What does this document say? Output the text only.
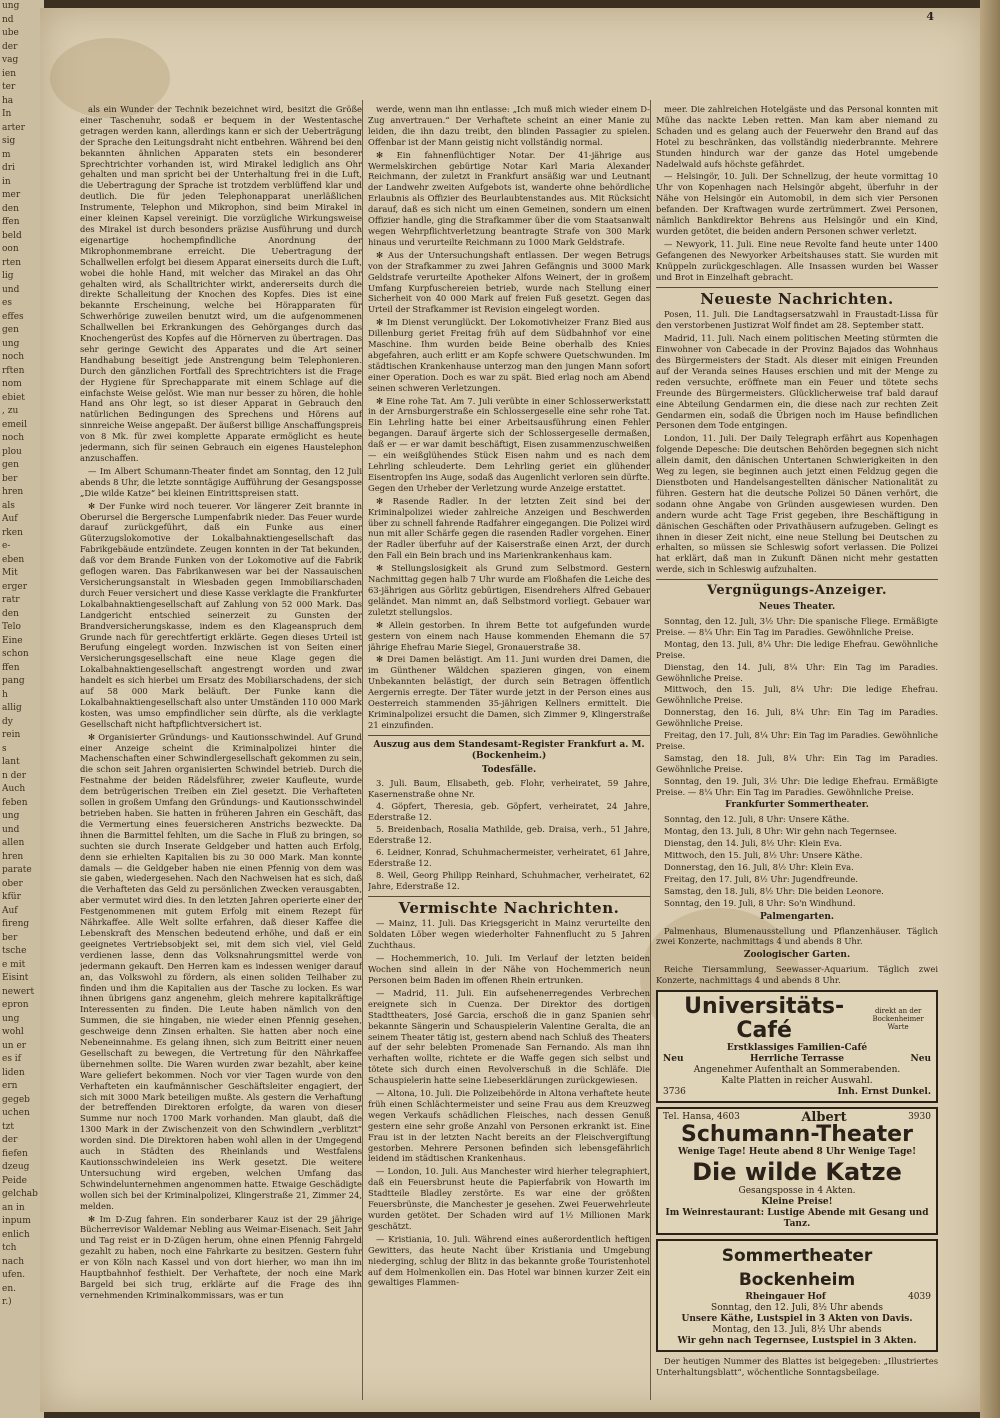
ung
nd
ube
der
vag
ien
ter
ha
In
arter
sig
m
dri
in
mer
den
ffen
beld
oon
rten
lig
und
es
effes
gen
ung
noch
rften
nom
ebiet
, zu
emeil
noch
plou
gen
ber
hren
als
Auf
rken
e-
eben
Mit
erger
ratr
den
Telo
Eine
schon
ffen
pang
h
allig
dy
rein
s
lant
n der
Auch
feben
ung
und
allen
hren
parate
ober
kfür
Auf
fireng
ber
tsche
e mit
Eisint
newert
epron
ung
wohl
un er
es if
liden
ern
gegeb
uchen
tzt
der
fiefen
dzeug
Peide
gelchab
an in
inpum
enlich
tch
nach
ufen.
en.
r.)
4
als ein Wunder der Technik bezeichnet wird, besitzt die Größe einer Taschenuhr, sodaß er bequem in der Westentasche getragen werden kann, allerdings kann er sich der Ueberträgung der Sprache den Leitungsdraht nicht entbehren. Während bei den bekannten ähnlichen Apparaten stets ein besonderer Sprechtrichter vorhanden ist, wird Mirakel lediglich ans Ohr gehalten und man spricht bei der Unterhaltung frei in die Luft, die Uebertragung der Sprache ist trotzdem verblüffend klar und deutlich. Die für jeden Telephonapparat unerläßlichen Instrumente, Telephon und Mikrophon, sind beim Mirakel in einer kleinen Kapsel vereinigt. Die vorzügliche Wirkungsweise des Mirakel ist durch besonders präzise Ausführung und durch eigenartige hochempfindliche Anordnung der Mikrophonmembrane erreicht. Die Uebertragung der Schallwellen erfolgt bei diesem Apparat einerseits durch die Luft, wobei die hohle Hand, mit welcher das Mirakel an das Ohr gehalten wird, als Schalltrichter wirkt, andererseits durch die direkte Schalleitung der Knochen des Kopfes. Dies ist eine bekannte Erscheinung, welche bei Hörapparaten für Schwerhörige zuweilen benutzt wird, um die aufgenommenen Schallwellen bei Erkrankungen des Gehörganges durch das Knochengerüst des Kopfes auf die Hörnerven zu übertragen. Das sehr geringe Gewicht des Apparates und die Art seiner Handhabung beseitigt jede Anstrengung beim Telephonieren. Durch den gänzlichen Fortfall des Sprechtrichters ist die Frage der Hygiene für Sprechapparate mit einem Schlage auf die einfachste Weise gelöst. Wie man nur besser zu hören, die hohle Hand ans Ohr legt, so ist dieser Apparat in Gebrauch den natürlichen Bedingungen des Sprechens und Hörens auf sinnreiche Weise angepaßt. Der äußerst billige Anschaffungspreis von 8 Mk. für zwei komplette Apparate ermöglicht es heute jedermann, sich für seinen Gebrauch ein eigenes Haustelephon anzuschaffen.
— Im Albert Schumann-Theater findet am Sonntag, den 12 Juli abends 8 Uhr, die letzte sonntägige Aufführung der Gesangsposse „Die wilde Katze“ bei kleinen Eintrittspreisen statt.
✻ Der Funke wird noch teuerer. Vor längerer Zeit brannte in Oberursel die Bergersche Lumpenfabrik nieder. Das Feuer wurde darauf zurückgeführt, daß ein Funke aus einer Güterzugslokomotive der Lokalbahnaktiengesellschaft das Fabrikgebäude entzündete. Zeugen konnten in der Tat bekunden, daß vor dem Brande Funken von der Lokomotive auf die Fabrik geflogen waren. Das Fabrikanwesen war bei der Nassauischen Versicherungsanstalt in Wiesbaden gegen Immobiliarschaden durch Feuer versichert und diese Kasse verklagte die Frankfurter Lokalbahnaktiengesellschaft auf Zahlung von 52 000 Mark. Das Landgericht entschied seinerzeit zu Gunsten der Brandversicherungskasse, indem es den Klageanspruch dem Grunde nach für gerechtfertigt erklärte. Gegen dieses Urteil ist Berufung eingelegt worden. Inzwischen ist von Seiten einer Versicherungsgesellschaft eine neue Klage gegen die Lokalbahnaktiengesellschaft angestrengt worden und zwar handelt es sich hierbei um Ersatz des Mobiliarschadens, der sich auf 58 000 Mark beläuft. Der Funke kann die Lokalbahnaktiengesellschaft also unter Umständen 110 000 Mark kosten, was umso empfindlicher sein dürfte, als die verklagte Gesellschaft nicht haftpflichtversichert ist.
✻ Organisierter Gründungs- und Kautionsschwindel. Auf Grund einer Anzeige scheint die Kriminalpolizei hinter die Machenschaften einer Schwindlergesellschaft gekommen zu sein, die schon seit Jahren organisierten Schwindel betrieb. Durch die Festnahme der beiden Rädelsführer, zweier Kaufleute, wurde dem betrügerischen Treiben ein Ziel gesetzt. Die Verhafteten sollen in großem Umfang den Gründungs- und Kautionsschwindel betrieben haben. Sie hatten in früheren Jahren ein Geschäft, das die Vermertung eines feuersicheren Anstrichs bezweckte. Da ihnen die Barmittel fehlten, um die Sache in Fluß zu bringen, so suchten sie durch Inserate Geldgeber und hatten auch Erfolg, denn sie erhielten Kapitalien bis zu 30 000 Mark. Man konnte damals — die Geldgeber haben nie einen Pfennig von dem was sie gaben, wiedergesehen. Nach den Nachweisen hat es sich, daß die Verhafteten das Geld zu persönlichen Zwecken verausgabten, aber vermutet wird dies. In den letzten Jahren operierte einer der Festgenommenen mit gutem Erfolg mit einem Rezept für Nährkaffee. Alle Welt sollte erfahren, daß dieser Kaffee die Lebenskraft des Menschen bedeutend erhöhe, und daß er ein geeignetes Vertriebsobjekt sei, mit dem sich viel, viel Geld verdienen lasse, denn das Volksnahrungsmittel werde von jedermann gekauft. Den Herren kam es indessen weniger darauf an, das Volkswohl zu fördern, als einen soliden Teilhaber zu finden und ihm die Kapitalien aus der Tasche zu locken. Es war ihnen übrigens ganz angenehm, gleich mehrere kapitalkräftige Interessenten zu finden. Die Leute haben nämlich von den Summen, die sie hingaben, nie wieder einen Pfennig gesehen, geschweige denn Zinsen erhalten. Sie hatten aber noch eine Nebeneinnahme. Es gelang ihnen, sich zum Beitritt einer neuen Gesellschaft zu bewegen, die Vertretung für den Nährkaffee übernehmen sollte. Die Waren wurden zwar bezahlt, aber keine Ware geliefert bekommen. Noch vor vier Tagen wurde von den Verhafteten ein kaufmännischer Geschäftsleiter engagiert, der sich mit 3000 Mark beteiligen mußte. Als gestern die Verhaftung der betreffenden Direktoren erfolgte, da waren von dieser Summe nur noch 1700 Mark vorhanden. Man glaubt, daß die 1300 Mark in der Zwischenzeit von den Schwindlern „verblitzt“ worden sind. Die Direktoren haben wohl allen in der Umgegend auch in Städten des Rheinlands und Westfalens Kautionsschwindeleien ins Werk gesetzt. Die weitere Untersuchung wird ergeben, welchen Umfang das Schwindelunternehmen angenommen hatte. Etwaige Geschädigte wollen sich bei der Kriminalpolizei, Klingerstraße 21, Zimmer 24, melden.
✻ Im D-Zug fahren. Ein sonderbarer Kauz ist der 29 jährige Bücherrevisor Waldemar Nebling aus Weimar-Eisenach. Seit Jahr und Tag reist er in D-Zügen herum, ohne einen Pfennig Fahrgeld gezahlt zu haben, noch eine Fahrkarte zu besitzen. Gestern fuhr er von Köln nach Kassel und von dort hierher, wo man ihn im Hauptbahnhof festhielt. Der Verhaftete, der noch eine Mark Bargeld bei sich trug, erklärte auf die Frage des ihn vernehmenden Kriminalkommissars, was er tun
werde, wenn man ihn entlasse: „Ich muß mich wieder einem D-Zug anvertrauen.“ Der Verhaftete scheint an einer Manie zu leiden, die ihn dazu treibt, den blinden Passagier zu spielen. Offenbar ist der Mann geistig nicht vollständig normal.
✻ Ein fahnenflüchtiger Notar. Der 41-jährige aus Wermelskirchen gebürtige Notar Karl Maria Alexander Reichmann, der zuletzt in Frankfurt ansäßig war und Leutnant der Landwehr zweiten Aufgebots ist, wanderte ohne behördliche Erlaubnis als Offizier des Beurlaubtenstandes aus. Mit Rücksicht darauf, daß es sich nicht um einen Gemeinen, sondern um einen Offizier handle, ging die Strafkammer über die vom Staatsanwalt wegen Wehrpflichtverletzung beantragte Strafe von 300 Mark hinaus und verurteilte Reichmann zu 1000 Mark Geldstrafe.
✻ Aus der Untersuchungshaft entlassen. Der wegen Betrugs von der Strafkammer zu zwei Jahren Gefängnis und 3000 Mark Geldstrafe verurteilte Apotheker Alfons Weinert, der in großem Umfang Kurpfuschereien betrieb, wurde nach Stellung einer Sicherheit von 40 000 Mark auf freien Fuß gesetzt. Gegen das Urteil der Strafkammer ist Revision eingelegt worden.
✻ Im Dienst verunglückt. Der Lokomotivheizer Franz Bied aus Dillenburg geriet Freitag früh auf dem Südbahnhof vor eine Maschine. Ihm wurden beide Beine oberhalb des Knies abgefahren, auch erlitt er am Kopfe schwere Quetschwunden. Im städtischen Krankenhause unterzog man den jungen Mann sofort einer Operation. Doch es war zu spät. Bied erlag noch am Abend seinen schweren Verletzungen.
✻ Eine rohe Tat. Am 7. Juli verübte in einer Schlosserwerkstatt in der Arnsburgerstraße ein Schlossergeselle eine sehr rohe Tat. Ein Lehrling hatte bei einer Arbeitsausführung einen Fehler begangen. Darauf ärgerte sich der Schlossergeselle dermaßen, daß er — er war damit beschäftigt, Eisen zusammenzuschweißen — ein weißglühendes Stück Eisen nahm und es nach dem Lehrling schleuderte. Dem Lehrling geriet ein glühender Eisentropfen ins Auge, sodaß das Augenlicht verloren sein dürfte. Gegen den Urheber der Verletzung wurde Anzeige erstattet.
✻ Rasende Radler. In der letzten Zeit sind bei der Kriminalpolizei wieder zahlreiche Anzeigen und Beschwerden über zu schnell fahrende Radfahrer eingegangen. Die Polizei wird nun mit aller Schärfe gegen die rasenden Radler vorgehen. Einer der Radler überfuhr auf der Kaiserstraße einen Arzt, der durch den Fall ein Bein brach und ins Marienkrankenhaus kam.
✻ Stellungslosigkeit als Grund zum Selbstmord. Gestern Nachmittag gegen halb 7 Uhr wurde am Floßhafen die Leiche des 63-jährigen aus Görlitz gebürtigen, Eisendrehers Alfred Gebauer geländet. Man nimmt an, daß Selbstmord vorliegt. Gebauer war zuletzt stellungslos.
✻ Allein gestorben. In ihrem Bette tot aufgefunden wurde gestern von einem nach Hause kommenden Ehemann die 57 jährige Ehefrau Marie Siegel, Gronauerstraße 38.
✻ Drei Damen belästigt. Am 11. Juni wurden drei Damen, die im Günthener Wäldchen spazieren gingen, von einem Unbekannten belästigt, der durch sein Betragen öffentlich Aergernis erregte. Der Täter wurde jetzt in der Person eines aus Oesterreich stammenden 35-jährigen Kellners ermittelt. Die Kriminalpolizei ersucht die Damen, sich Zimmer 9, Klingerstraße 21 einzufinden.
Auszug aus dem Standesamt-Register Frankfurt a. M. (Bockenheim.)
Todesfälle.
3. Juli. Baum, Elisabeth, geb. Flohr, verheiratet, 59 Jahre, Kasernenstraße ohne Nr.
4. Göpfert, Theresia, geb. Göpfert, verheiratet, 24 Jahre, Ederstraße 12.
5. Breidenbach, Rosalia Mathilde, geb. Draisa, verh., 51 Jahre, Ederstraße 12.
6. Leidner, Konrad, Schuhmachermeister, verheiratet, 61 Jahre, Ederstraße 12.
8. Weil, Georg Philipp Reinhard, Schuhmacher, verheiratet, 62 Jahre, Ederstraße 12.
Vermischte Nachrichten.
— Mainz, 11. Juli. Das Kriegsgericht in Mainz verurteilte den Soldaten Löber wegen wiederholter Fahnenflucht zu 5 Jahren Zuchthaus.
— Hochemmerich, 10. Juli. Im Verlauf der letzten beiden Wochen sind allein in der Nähe von Hochemmerich neun Personen beim Baden im offenen Rhein ertrunken.
— Madrid, 11. Juli. Ein aufsehenerregendes Verbrechen ereignete sich in Cuenza. Der Direktor des dortigen Stadttheaters, José Garcia, erschoß die in ganz Spanien sehr bekannte Sängerin und Schauspielerin Valentine Geralta, die an seinem Theater tätig ist, gestern abend nach Schluß des Theaters auf der sehr belebten Promenade San Fernando. Als man ihn verhaften wollte, richtete er die Waffe gegen sich selbst und tötete sich durch einen Revolverschuß in die Schläfe. Die Schauspielerin hatte seine Liebeserklärungen zurückgewiesen.
— Altona, 10. Juli. Die Polizeibehörde in Altona verhaftete heute früh einen Schlächtermeister und seine Frau aus dem Kreuzweg wegen Verkaufs schädlichen Fleisches, nach dessen Genuß gestern eine sehr große Anzahl von Personen erkrankt ist. Eine Frau ist in der letzten Nacht bereits an der Fleischvergiftung gestorben. Mehrere Personen befinden sich lebensgefährlich leidend im städtischen Krankenhaus.
— London, 10. Juli. Aus Manchester wird hierher telegraphiert, daß ein Feuersbrunst heute die Papierfabrik von Howarth im Stadtteile Bladley zerstörte. Es war eine der größten Feuersbrünste, die Manchester je gesehen. Zwei Feuerwehrleute wurden getötet. Der Schaden wird auf 1½ Millionen Mark geschätzt.
— Kristiania, 10. Juli. Während eines außerordentlich heftigen Gewitters, das heute Nacht über Kristiania und Umgebung niederging, schlug der Blitz in das bekannte große Touristenhotel auf dem Holmenkollen ein. Das Hotel war binnen kurzer Zeit ein gewaltiges Flammen-
meer. Die zahlreichen Hotelgäste und das Personal konnten mit Mühe das nackte Leben retten. Man kam aber niemand zu Schaden und es gelang auch der Feuerwehr den Brand auf das Hotel zu beschränken, das vollständig niederbrannte. Mehrere Stunden hindurch war der ganze das Hotel umgebende Nadelwald aufs höchste gefährdet.
— Helsingör, 10. Juli. Der Schnellzug, der heute vormittag 10 Uhr von Kopenhagen nach Helsingör abgeht, überfuhr in der Nähe von Helsingör ein Automobil, in dem sich vier Personen befanden. Der Kraftwagen wurde zertrümmert. Zwei Personen, nämlich Bankdirektor Behrens aus Helsingör und ein Kind, wurden getötet, die beiden andern Personen schwer verletzt.
— Newyork, 11. Juli. Eine neue Revolte fand heute unter 1400 Gefangenen des Newyorker Arbeitshauses statt. Sie wurden mit Knüppeln zurückgeschlagen. Alle Insassen wurden bei Wasser und Brot in Einzelhaft gebracht.
Neueste Nachrichten.
Posen, 11. Juli. Die Landtagsersatzwahl in Fraustadt-Lissa für den verstorbenen Justizrat Wolf findet am 28. September statt.
Madrid, 11. Juli. Nach einem politischen Meeting stürmten die Einwohner von Cabecade in der Provinz Bajados das Wohnhaus des Bürgermeisters der Stadt. Als dieser mit einigen Freunden auf der Veranda seines Hauses erschien und mit der Menge zu reden versuchte, eröffnete man ein Feuer und tötete sechs Freunde des Bürgermeisters. Glücklicherweise traf bald darauf eine Abteilung Gendarmen ein, die diese nach zur rechten Zeit Gendarmen ein, sodaß die Übrigen noch im Hause befindlichen Personen dem Tode entgingen.
London, 11. Juli. Der Daily Telegraph erfährt aus Kopenhagen folgende Depesche: Die deutschen Behörden begegnen sich nicht allein damit, den dänischen Untertanen Schwierigkeiten in den Weg zu legen, sie beginnen auch jetzt einen Feldzug gegen die Dienstboten und Handelsangestellten dänischer Nationalität zu führen. Gestern hat die deutsche Polizei 50 Dänen verhört, die sodann ohne Angabe von Gründen ausgewiesen wurden. Den andern wurde acht Tage Frist gegeben, ihre Beschäftigung in dänischen Geschäften oder Privathäusern aufzugeben. Gelingt es ihnen in dieser Zeit nicht, eine neue Stellung bei Deutschen zu erhalten, so müssen sie Schleswig sofort verlassen. Die Polizei hat erklärt, daß man in Zukunft Dänen nicht mehr gestatten werde, sich in Schleswig aufzuhalten.
Vergnügungs-Anzeiger.
Neues Theater.
Sonntag, den 12. Juli, 3½ Uhr: Die spanische Fliege. Ermäßigte Preise. — 8¼ Uhr: Ein Tag im Paradies. Gewöhnliche Preise.
Montag, den 13. Juli, 8¼ Uhr: Die ledige Ehefrau. Gewöhnliche Preise.
Dienstag, den 14. Juli, 8¼ Uhr: Ein Tag im Paradies. Gewöhnliche Preise.
Mittwoch, den 15. Juli, 8¼ Uhr: Die ledige Ehefrau. Gewöhnliche Preise.
Donnerstag, den 16. Juli, 8¼ Uhr: Ein Tag im Paradies. Gewöhnliche Preise.
Freitag, den 17. Juli, 8¼ Uhr: Ein Tag im Paradies. Gewöhnliche Preise.
Samstag, den 18. Juli, 8¼ Uhr: Ein Tag im Paradies. Gewöhnliche Preise.
Sonntag, den 19. Juli, 3½ Uhr: Die ledige Ehefrau. Ermäßigte Preise. — 8¼ Uhr: Ein Tag im Paradies. Gewöhnliche Preise.
Frankfurter Sommertheater.
Sonntag, den 12. Juli, 8 Uhr: Unsere Käthe.
Montag, den 13. Juli, 8 Uhr: Wir gehn nach Tegernsee.
Dienstag, den 14. Juli, 8½ Uhr: Klein Eva.
Mittwoch, den 15. Juli, 8½ Uhr: Unsere Käthe.
Donnerstag, den 16. Juli, 8½ Uhr: Klein Eva.
Freitag, den 17. Juli, 8½ Uhr: Jugendfreunde.
Samstag, den 18. Juli, 8½ Uhr: Die beiden Leonore.
Sonntag, den 19. Juli, 8 Uhr: So'n Windhund.
Palmengarten.
Palmenhaus, Blumenausstellung und Pflanzenhäuser. Täglich zwei Konzerte, nachmittags 4 und abends 8 Uhr.
Zoologischer Garten.
Reiche Tiersammlung, Seewasser-Aquarium. Täglich zwei Konzerte, nachmittags 4 und abends 8 Uhr.
Universitäts-Café
direkt an der Bockenheimer Warte
Erstklassiges Familien-Café
Neu	Herrliche Terrasse	Neu
Angenehmer Aufenthalt an Sommerabenden.
Kalte Platten in reicher Auswahl.
3736	Inh. Ernst Dunkel.
Tel. Hansa, 4603	Albert	3930
Schumann-Theater
Wenige Tage! Heute abend 8 Uhr Wenige Tage!
Die wilde Katze
Gesangsposse in 4 Akten.
Kleine Preise!
Im Weinrestaurant: Lustige Abende mit Gesang und Tanz.
Sommertheater Bockenheim
Rheingauer Hof	4039
Sonntag, den 12. Juli, 8½ Uhr abends
Unsere Käthe, Lustspiel in 3 Akten von Davis.
Montag, den 13. Juli, 8½ Uhr abends
Wir gehn nach Tegernsee, Lustspiel in 3 Akten.
Der heutigen Nummer des Blattes ist beigegeben: „Illustriertes Unterhaltungsblatt“, wöchentliche Sonntagsbeilage.
